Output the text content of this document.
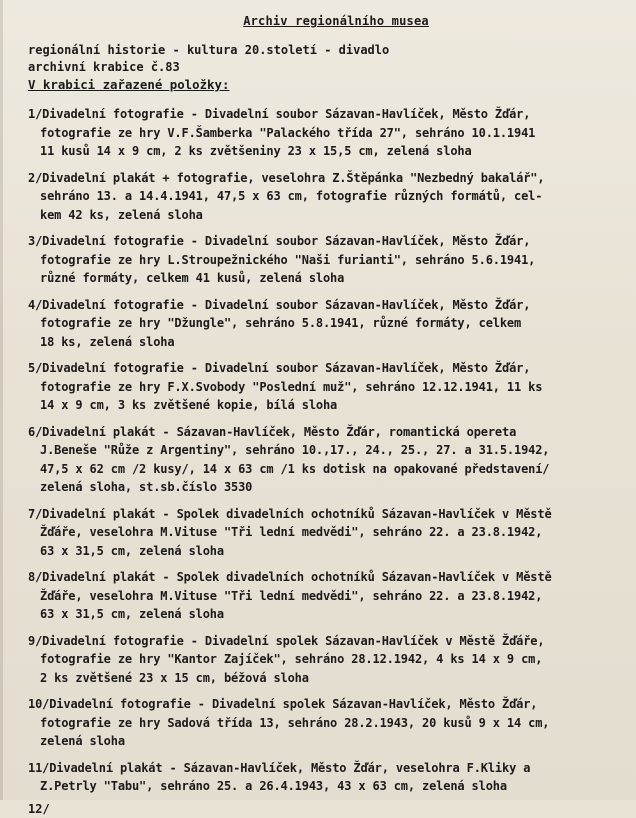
Archiv regionálního musea
regionální historie - kultura 20.století - divadlo
archivní krabice č.83
V krabici zařazené položky:
1/Divadelní fotografie - Divadelní soubor Sázavan-Havlíček, Město Žďár,
fotografie ze hry V.F.Šamberka "Palackého třída 27", sehráno 10.1.1941
11 kusů 14 x 9 cm, 2 ks zvětšeniny 23 x 15,5 cm, zelená sloha
2/Divadelní plakát + fotografie, veselohra Z.Štěpánka "Nezbedný bakalář",
sehráno 13. a 14.4.1941, 47,5 x 63 cm, fotografie různých formátů, cel-
kem 42 ks, zelená sloha
3/Divadelní fotografie - Divadelní soubor Sázavan-Havlíček, Město Žďár,
fotografie ze hry L.Stroupežnického "Naši furianti", sehráno 5.6.1941,
různé formáty, celkem 41 kusů, zelená sloha
4/Divadelní fotografie - Divadelní soubor Sázavan-Havlíček, Město Žďár,
fotografie ze hry "Džungle", sehráno 5.8.1941, různé formáty, celkem
18 ks, zelená sloha
5/Divadelní fotografie - Divadelní soubor Sázavan-Havlíček, Město Žďár,
fotografie ze hry F.X.Svobody "Poslední muž", sehráno 12.12.1941, 11 ks
14 x 9 cm, 3 ks zvětšené kopie, bílá sloha
6/Divadelní plakát - Sázavan-Havlíček, Město Žďár, romantická opereta
J.Beneše "Růže z Argentiny", sehráno 10.,17., 24., 25., 27. a 31.5.1942,
47,5 x 62 cm /2 kusy/, 14 x 63 cm /1 ks dotisk na opakované představení/
zelená sloha, st.sb.číslo 3530
7/Divadelní plakát - Spolek divadelních ochotníků Sázavan-Havlíček v Městě
Žďáře, veselohra M.Vituse "Tři lední medvědi", sehráno 22. a 23.8.1942,
63 x 31,5 cm, zelená sloha
8/Divadelní plakát - Spolek divadelních ochotníků Sázavan-Havlíček v Městě
Žďáře, veselohra M.Vituse "Tři lední medvědi", sehráno 22. a 23.8.1942,
63 x 31,5 cm, zelená sloha
9/Divadelní fotografie - Divadelní spolek Sázavan-Havlíček v Městě Žďáře,
fotografie ze hry "Kantor Zajíček", sehráno 28.12.1942, 4 ks 14 x 9 cm,
2 ks zvětšené 23 x 15 cm, béžová sloha
10/Divadelní fotografie - Divadelní spolek Sázavan-Havlíček, Město Žďár,
fotografie ze hry Sadová třída 13, sehráno 28.2.1943, 20 kusů 9 x 14 cm,
zelená sloha
11/Divadelní plakát - Sázavan-Havlíček, Město Žďár, veselohra F.Kliky a
Z.Petrly "Tabu", sehráno 25. a 26.4.1943, 43 x 63 cm, zelená sloha
12/
